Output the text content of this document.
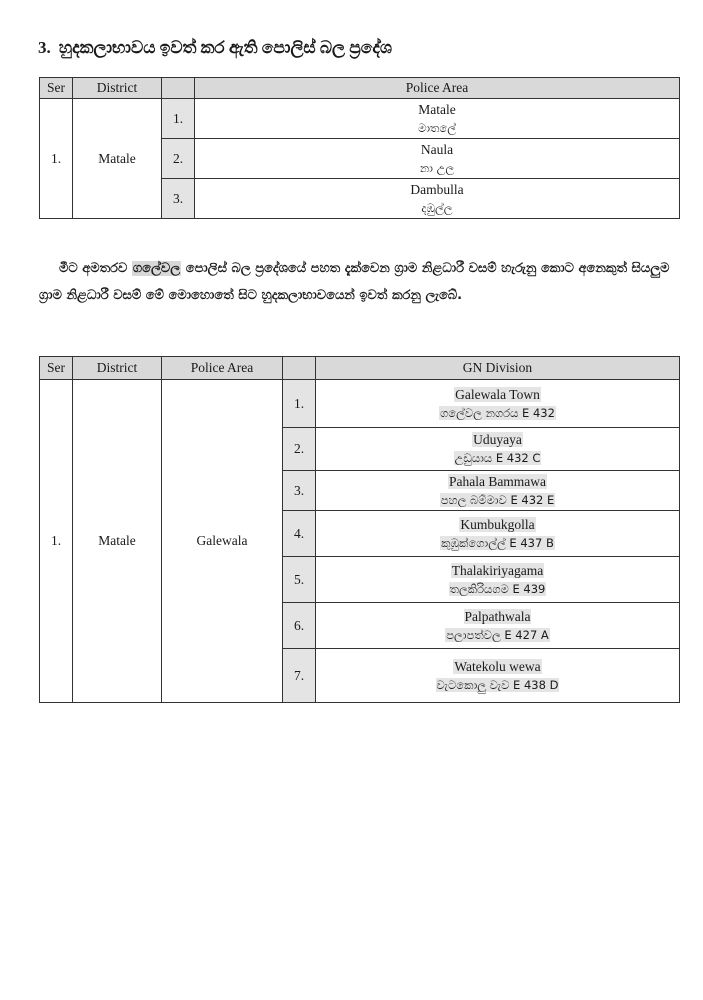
3. හුදකලාභාවය ඉවත් කර ඇති පොලිස් බල ප්‍රදේශ
Ser	District		Police Area
1.	Matale	1.	Matale
මාතලේ

		2.	Naula
නා උල

		3.	Dambulla
දඹුල්ල
මීට අමතරව ගලේවල පොලිස් බල ප්‍රදේශයේ පහත දැක්වෙන ග්‍රාම නිළධාරී වසම් හැරුනු කොට අනෙකුත් සියලුම ග්‍රාම නිළධාරී වසම් මේ මොහොතේ සිට හුදකලාභාවයෙන් ඉවත් කරනු ලැබේ.
Ser	District	Police Area		GN Division
1.	Matale	Galewala	1.	Galewala Town
ගලේවල නගරය E 432

			2.	Uduyaya
උඩුයාය E 432 C

			3.	Pahala Bammawa
පහල බම්මාව E 432 E

			4.	Kumbukgolla
කුඹුක්ගොල්ල් E 437 B

			5.	Thalakiriyagama
තලකිරියගම E 439

			6.	Palpathwala
පලාපත්වල E 427 A

			7.	Watekolu wewa
වැටකොලු වැව E 438 D
